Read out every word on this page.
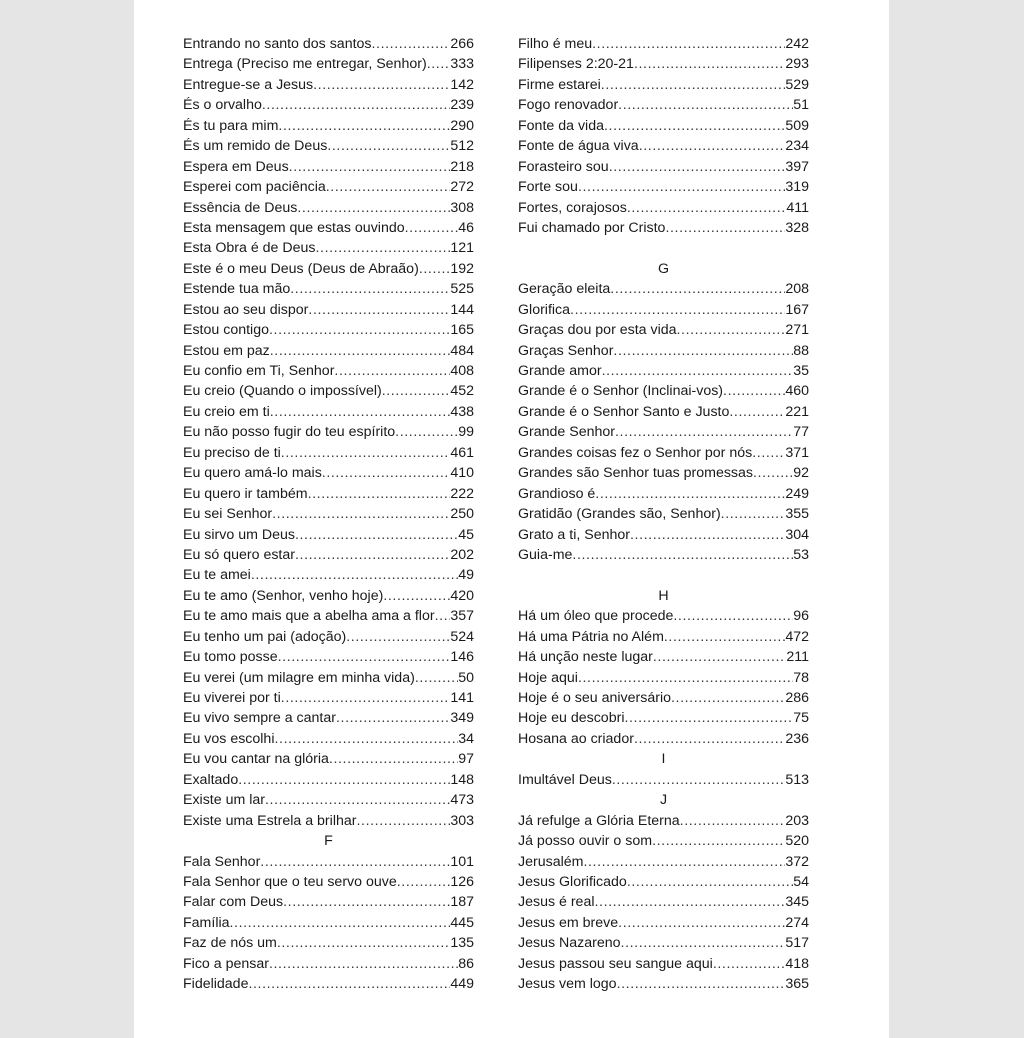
Entrando no santo dos santos .....	266
Entrega (Preciso me entregar, Senhor) ..... 333
Entregue-se a Jesus .....	142
És o orvalho .....	239
És tu para mim .....	290
És um remido de Deus .....	512
Espera em Deus .....	218
Esperei com paciência .....	272
Essência de Deus .....	308
Esta mensagem que estas ouvindo .....	46
Esta Obra é de Deus .....	121
Este é o meu Deus (Deus de Abraão) ..... 192
Estende tua mão .....	525
Estou ao seu dispor .....	144
Estou contigo .....	165
Estou em paz .....	484
Eu confio em Ti, Senhor .....	408
Eu creio (Quando o impossível) .....	452
Eu creio em ti .....	438
Eu não posso fugir do teu espírito .....	99
Eu preciso de ti .....	461
Eu quero amá-lo mais .....	410
Eu quero ir também .....	222
Eu sei Senhor .....	250
Eu sirvo um Deus .....	45
Eu só quero estar .....	202
Eu te amei .....	49
Eu te amo (Senhor, venho hoje) .....	420
Eu te amo mais que a abelha ama a flor ..... 357
Eu tenho um pai (adoção) .....	524
Eu tomo posse .....	146
Eu verei (um milagre em minha vida) .....	50
Eu viverei por ti .....	141
Eu vivo sempre a cantar .....	349
Eu vos escolhi .....	34
Eu vou cantar na glória .....	97
Exaltado .....	148
Existe um lar .....	473
Existe uma Estrela a brilhar .....	303
F
Fala Senhor .....	101
Fala Senhor que o teu servo ouve .....	126
Falar com Deus .....	187
Família .....	445
Faz de nós um .....	135
Fico a pensar .....	86
Fidelidade .....	449
Filho é meu .....	242
Filipenses 2:20-21 .....	293
Firme estarei .....	529
Fogo renovador .....	51
Fonte da vida .....	509
Fonte de água viva .....	234
Forasteiro sou .....	397
Forte sou .....	319
Fortes, corajosos .....	411
Fui chamado por Cristo .....	328
G
Geração eleita .....	208
Glorifica .....	167
Graças dou por esta vida .....	271
Graças Senhor .....	88
Grande amor .....	35
Grande é o Senhor (Inclinai-vos) .....	460
Grande é o Senhor Santo e Justo .....	221
Grande Senhor .....	77
Grandes coisas fez o Senhor por nós ..... 371
Grandes são Senhor tuas promessas .....	92
Grandioso é .....	249
Gratidão (Grandes são, Senhor) .....	355
Grato a ti, Senhor .....	304
Guia-me .....	53
H
Há um óleo que procede .....	96
Há uma Pátria no Além .....	472
Há unção neste lugar .....	211
Hoje aqui .....	78
Hoje é o seu aniversário .....	286
Hoje eu descobri .....	75
Hosana ao criador .....	236
I
Imultável Deus .....	513
J
Já refulge a Glória Eterna .....	203
Já posso ouvir o som .....	520
Jerusalém .....	372
Jesus Glorificado .....	54
Jesus é real .....	345
Jesus em breve .....	274
Jesus Nazareno .....	517
Jesus passou seu sangue aqui .....	418
Jesus vem logo .....	365
